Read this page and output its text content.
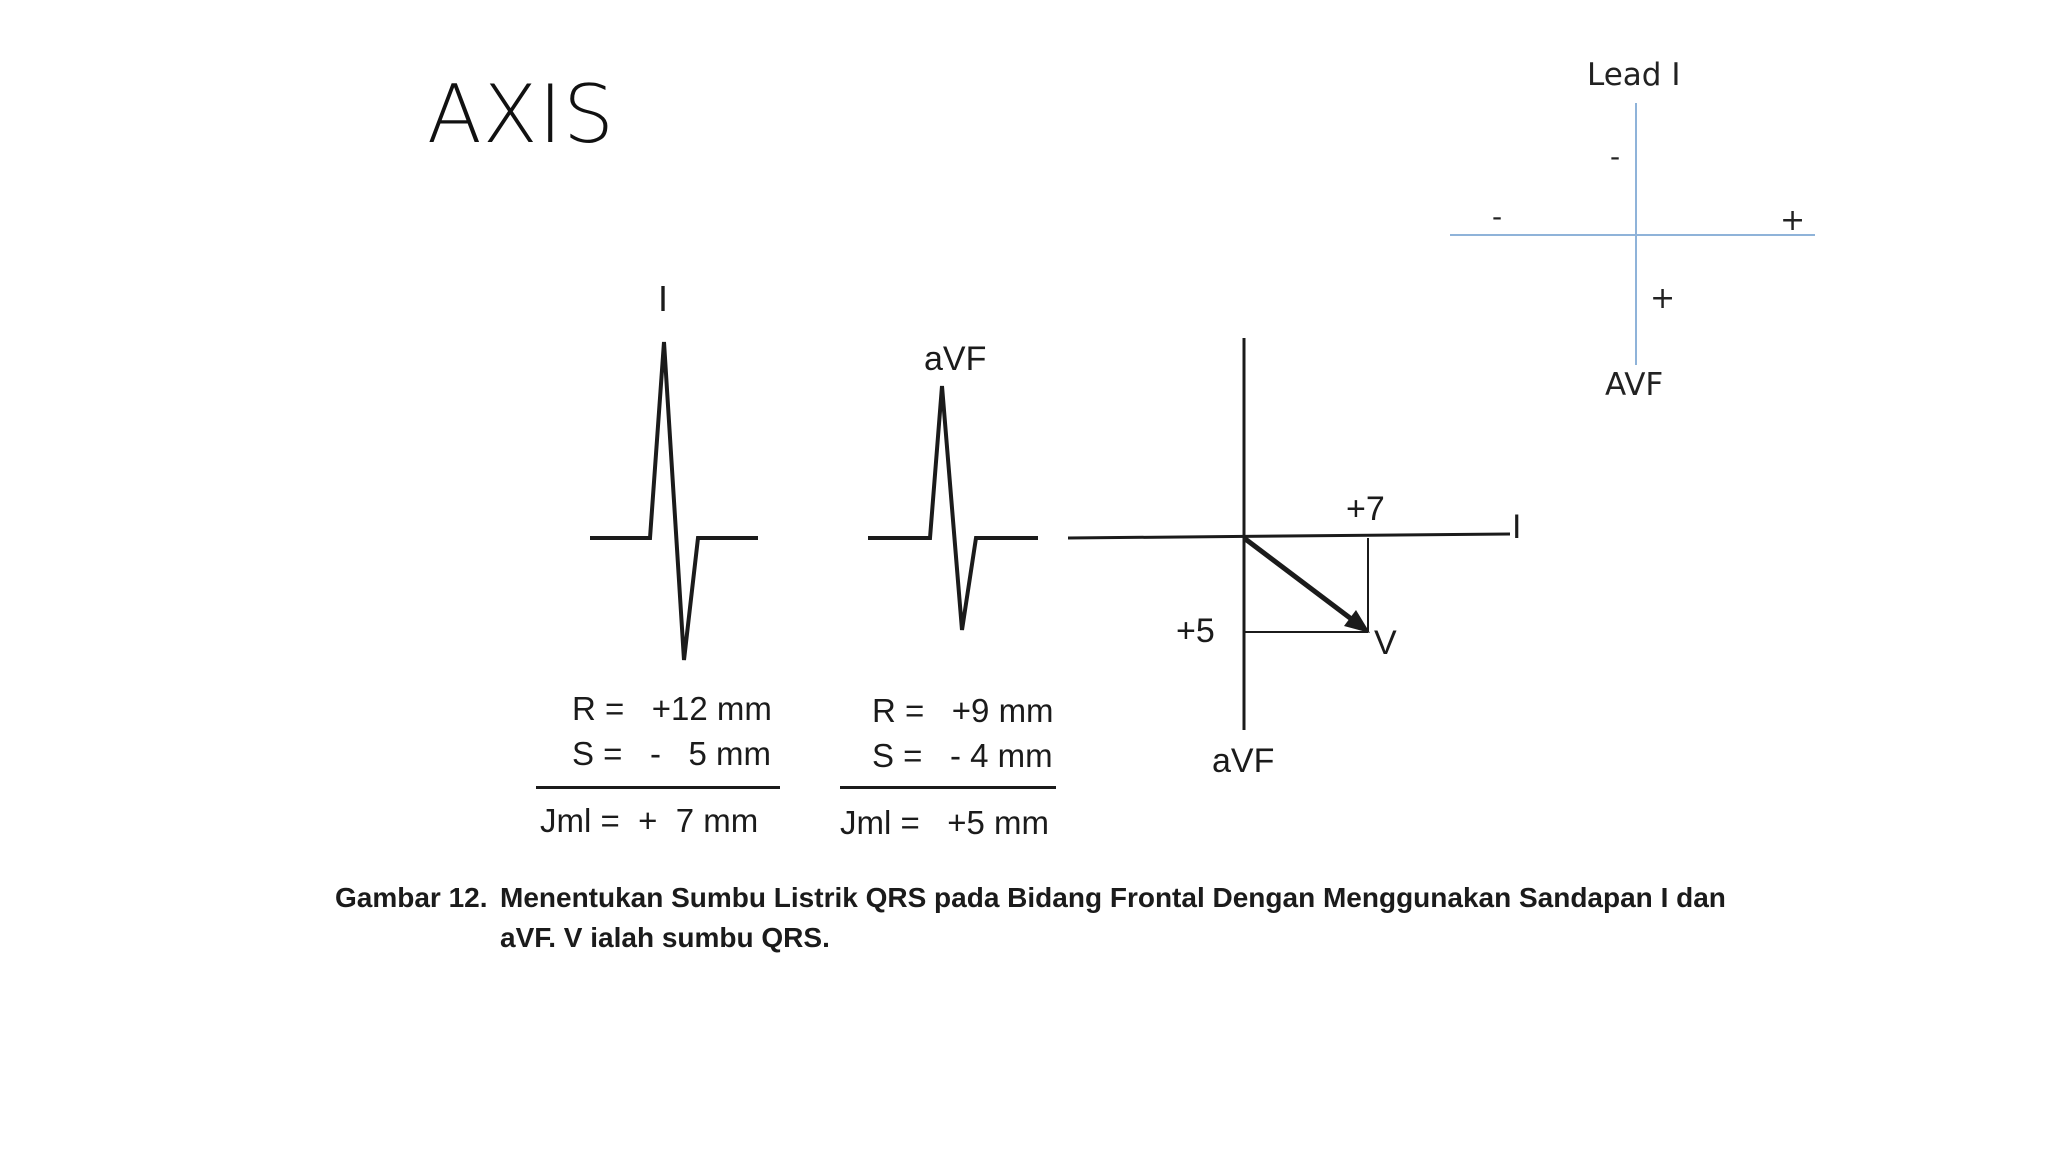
AXIS	Lead I
-
-	+
+
AVF
I
aVF
+7	I
+5	V
aVF
R =   +12 mm
S =   -   5 mm
Jml =  +  7 mm
R =   +9 mm
S =   - 4 mm
Jml =   +5 mm
Gambar 12. Menentukan Sumbu Listrik QRS pada Bidang Frontal Dengan Menggunakan Sandapan I dan
aVF. V ialah sumbu QRS.
